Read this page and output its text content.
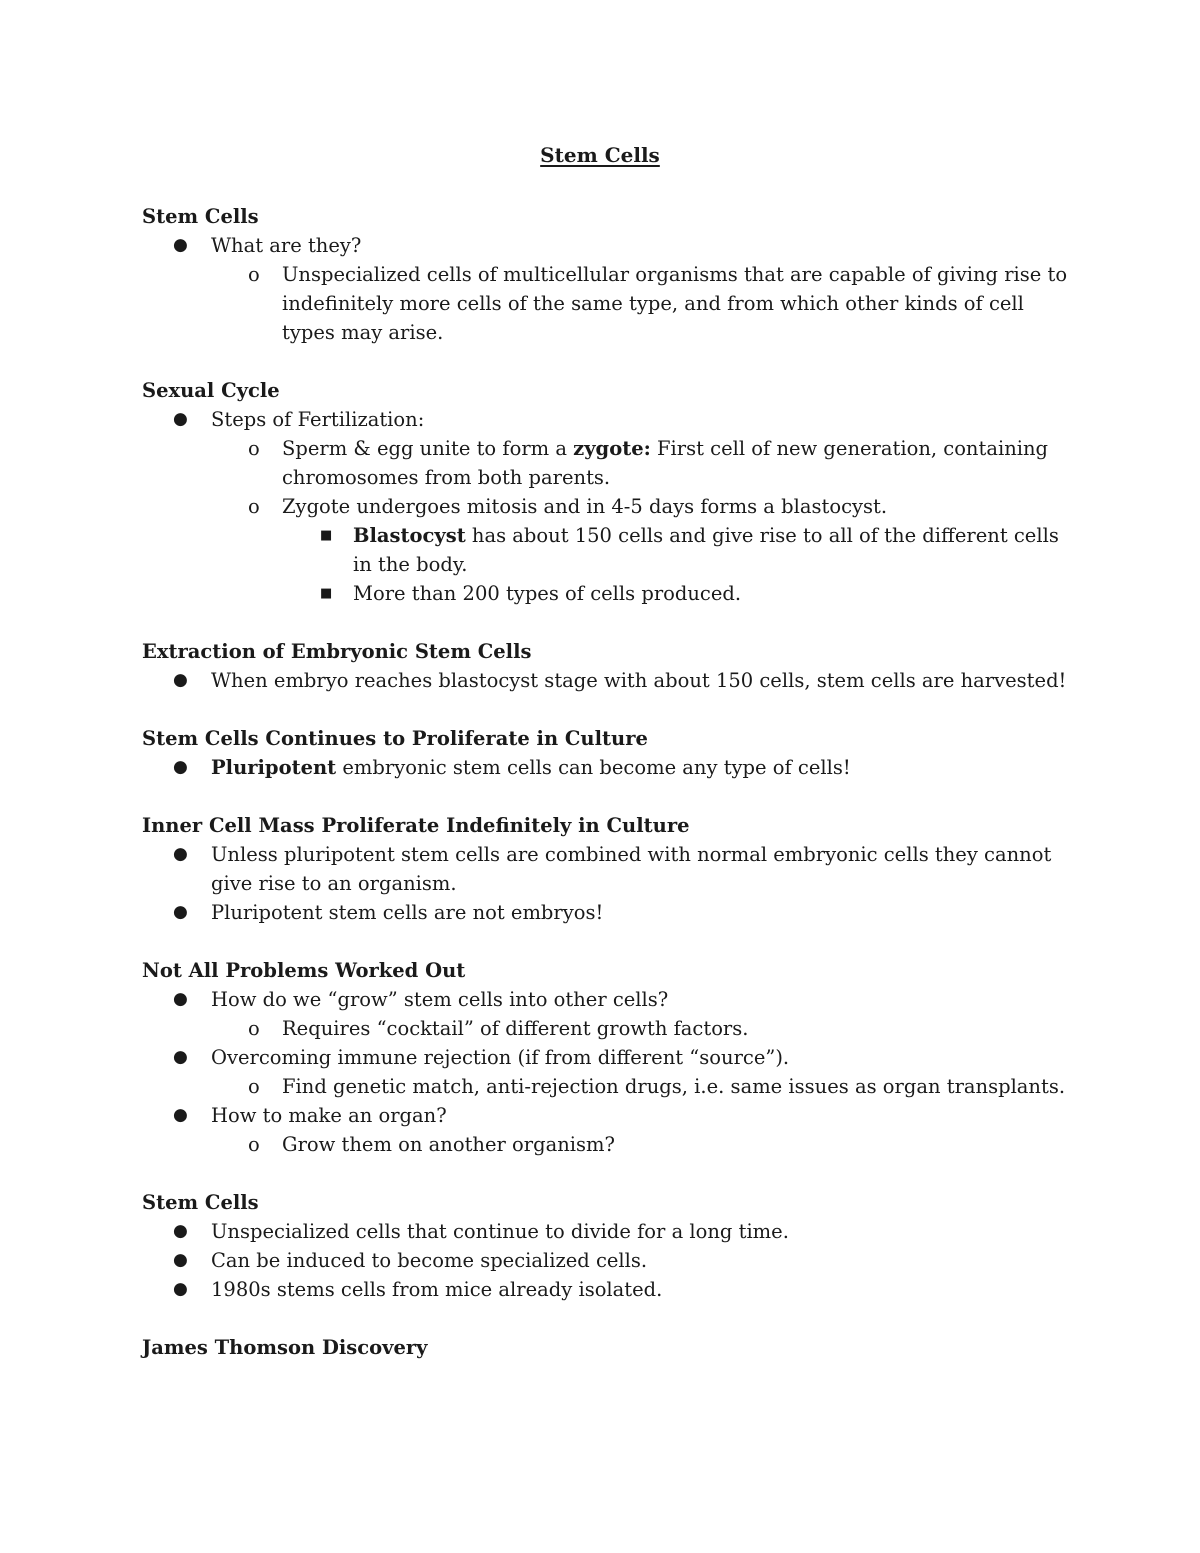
Stem Cells

Stem Cells

● What are they?
o Unspecialized cells of multicellular organisms that are capable of giving rise to indefinitely more cells of the same type, and from which other kinds of cell types may arise.

Sexual Cycle

● Steps of Fertilization:
o Sperm & egg unite to form a zygote: First cell of new generation, containing chromosomes from both parents.
o Zygote undergoes mitosis and in 4-5 days forms a blastocyst.
■ Blastocyst has about 150 cells and give rise to all of the different cells in the body.
■ More than 200 types of cells produced.

Extraction of Embryonic Stem Cells

● When embryo reaches blastocyst stage with about 150 cells, stem cells are harvested!

Stem Cells Continues to Proliferate in Culture

● Pluripotent embryonic stem cells can become any type of cells!

Inner Cell Mass Proliferate Indefinitely in Culture

● Unless pluripotent stem cells are combined with normal embryonic cells they cannot give rise to an organism.
● Pluripotent stem cells are not embryos!

Not All Problems Worked Out

● How do we “grow” stem cells into other cells?
o Requires “cocktail” of different growth factors.
● Overcoming immune rejection (if from different “source”).
o Find genetic match, anti-rejection drugs, i.e. same issues as organ transplants.
● How to make an organ?
o Grow them on another organism?

Stem Cells

● Unspecialized cells that continue to divide for a long time.
● Can be induced to become specialized cells.
● 1980s stems cells from mice already isolated.

James Thomson Discovery
